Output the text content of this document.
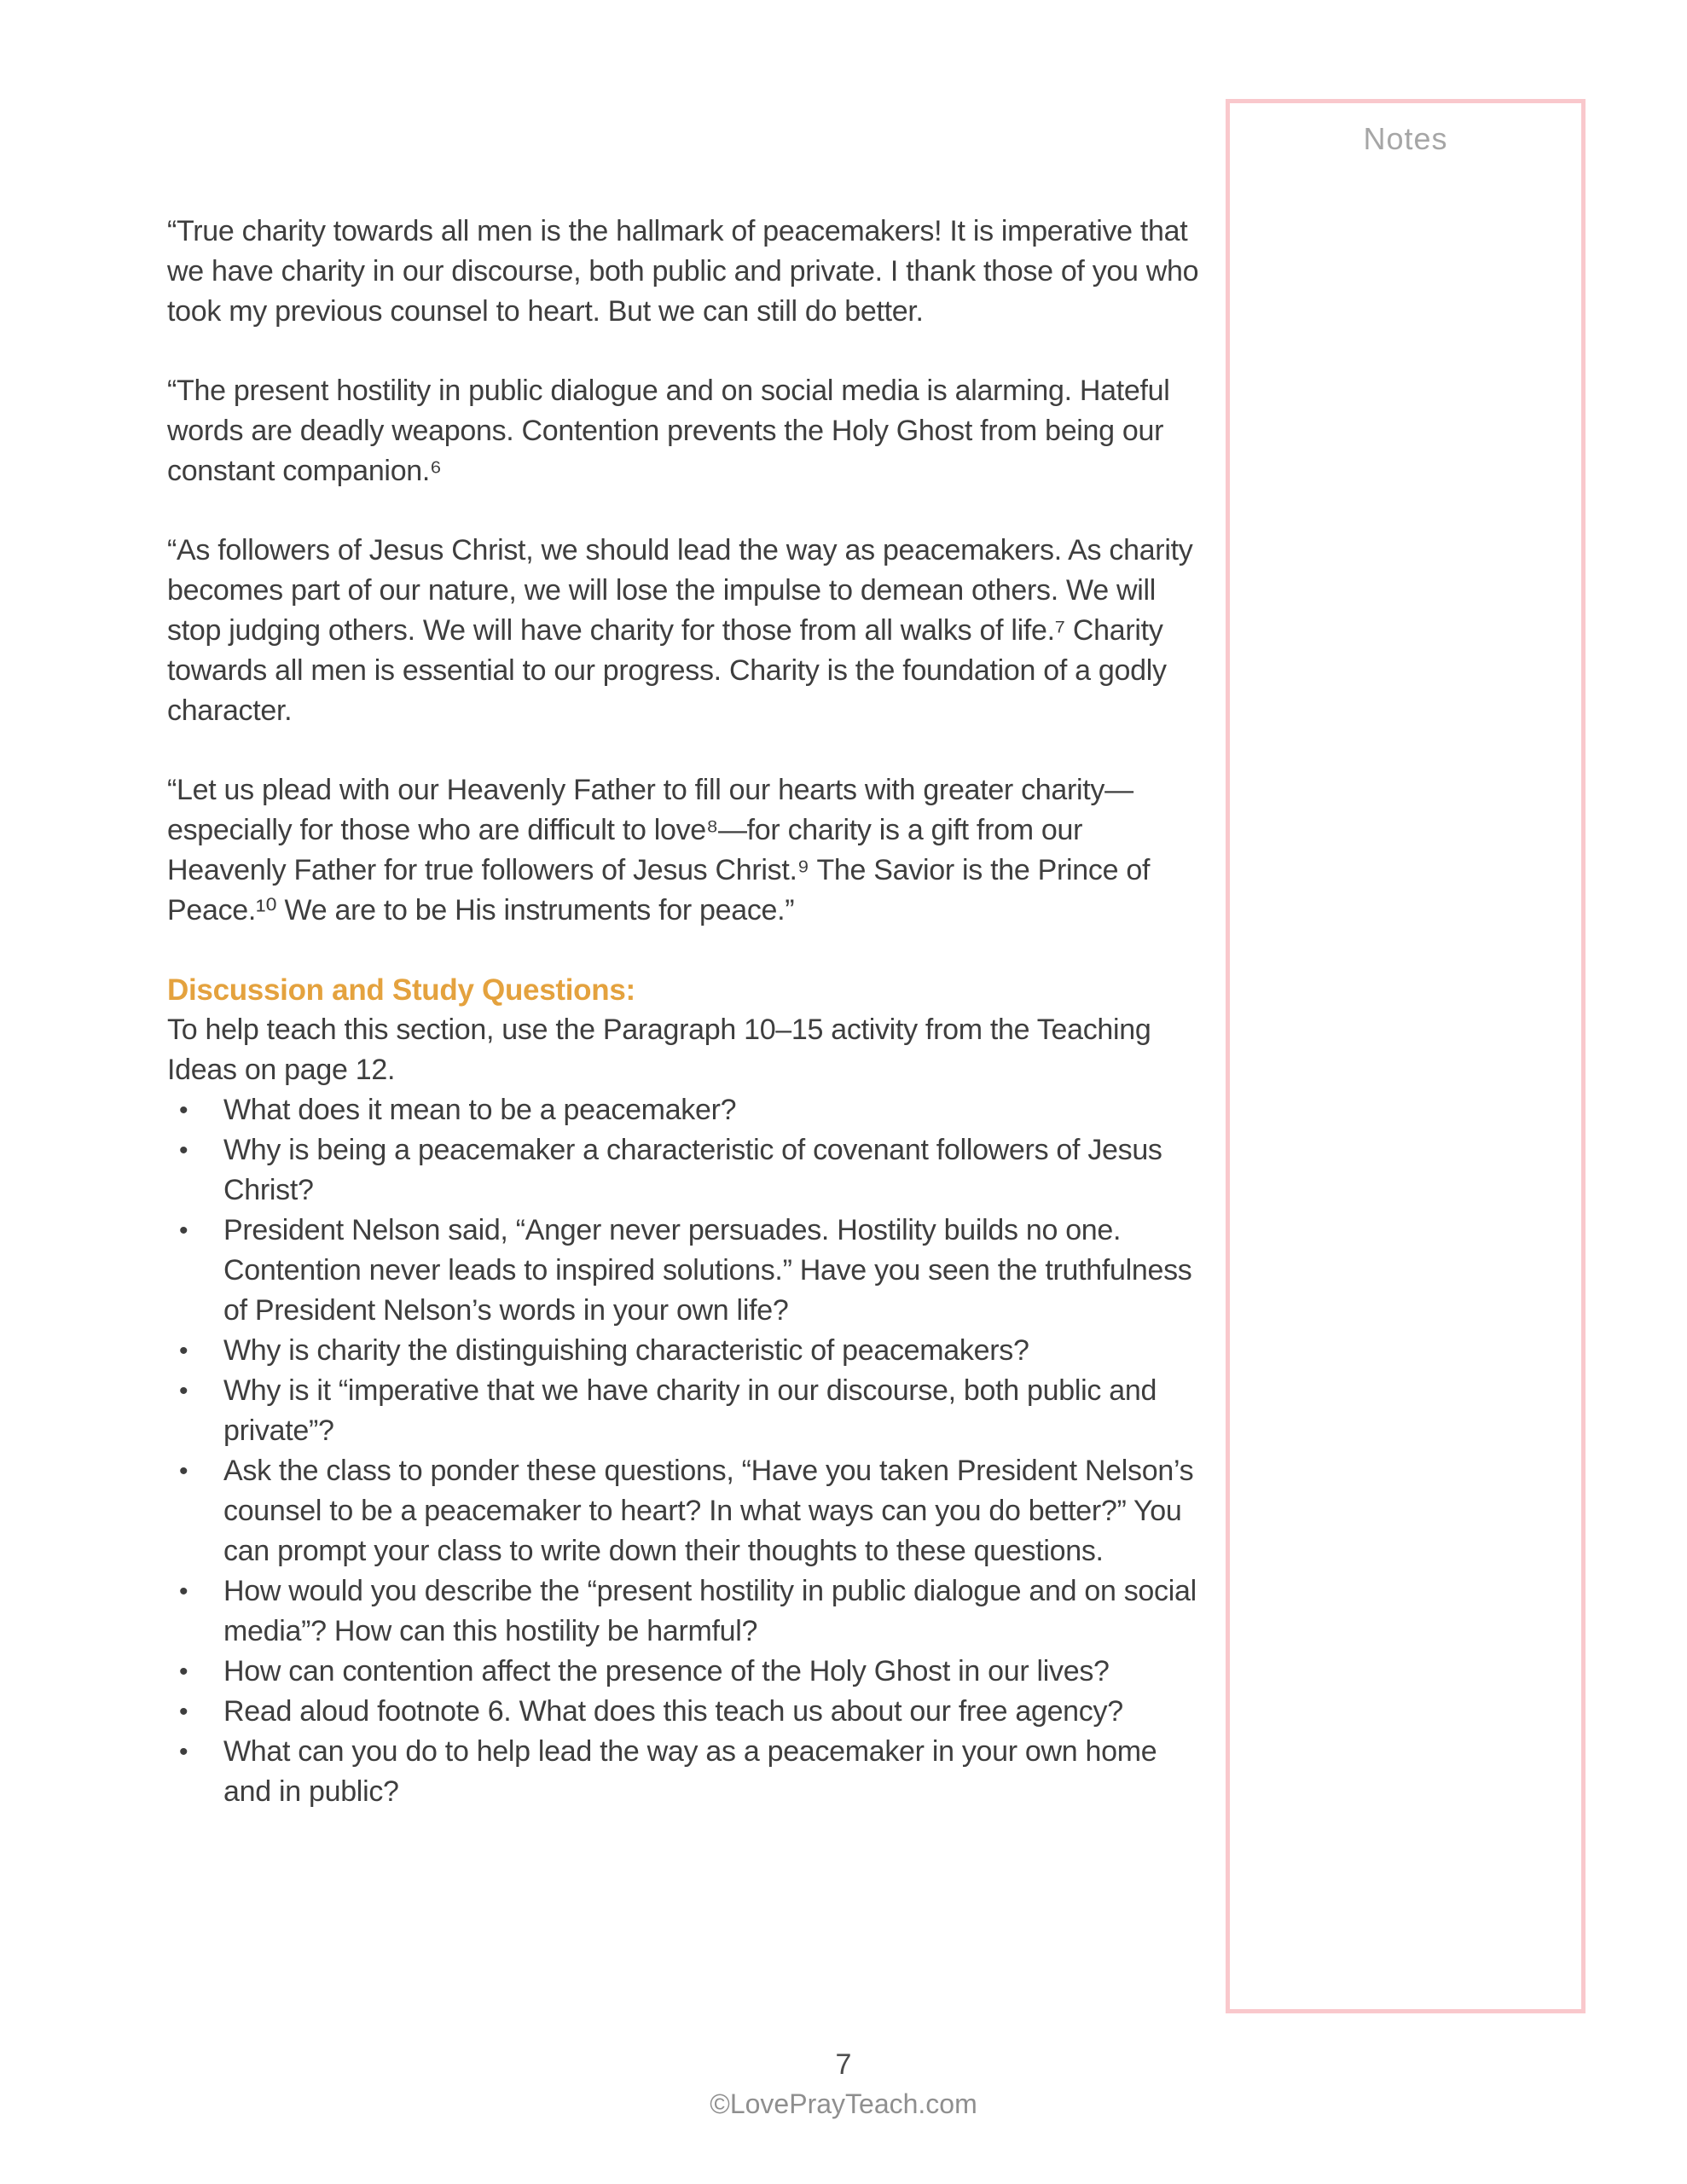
Notes

“True charity towards all men is the hallmark of peacemakers! It is imperative that we have charity in our discourse, both public and private. I thank those of you who took my previous counsel to heart. But we can still do better.

“The present hostility in public dialogue and on social media is alarming. Hateful words are deadly weapons. Contention prevents the Holy Ghost from being our constant companion.⁶

“As followers of Jesus Christ, we should lead the way as peacemakers. As charity becomes part of our nature, we will lose the impulse to demean others. We will stop judging others. We will have charity for those from all walks of life.⁷ Charity towards all men is essential to our progress. Charity is the foundation of a godly character.

“Let us plead with our Heavenly Father to fill our hearts with greater charity—especially for those who are difficult to love⁸—for charity is a gift from our Heavenly Father for true followers of Jesus Christ.⁹ The Savior is the Prince of Peace.¹⁰ We are to be His instruments for peace.”

Discussion and Study Questions:

To help teach this section, use the Paragraph 10–15 activity from the Teaching Ideas on page 12.

•	What does it mean to be a peacemaker?
•	Why is being a peacemaker a characteristic of covenant followers of Jesus Christ?
•	President Nelson said, “Anger never persuades. Hostility builds no one. Contention never leads to inspired solutions.” Have you seen the truthfulness of President Nelson’s words in your own life?
•	Why is charity the distinguishing characteristic of peacemakers?
•	Why is it “imperative that we have charity in our discourse, both public and private”?
•	Ask the class to ponder these questions, “Have you taken President Nelson’s counsel to be a peacemaker to heart? In what ways can you do better?” You can prompt your class to write down their thoughts to these questions.
•	How would you describe the “present hostility in public dialogue and on social media”? How can this hostility be harmful?
•	How can contention affect the presence of the Holy Ghost in our lives?
•	Read aloud footnote 6. What does this teach us about our free agency?
•	What can you do to help lead the way as a peacemaker in your own home and in public?
7
©LovePrayTeach.com
